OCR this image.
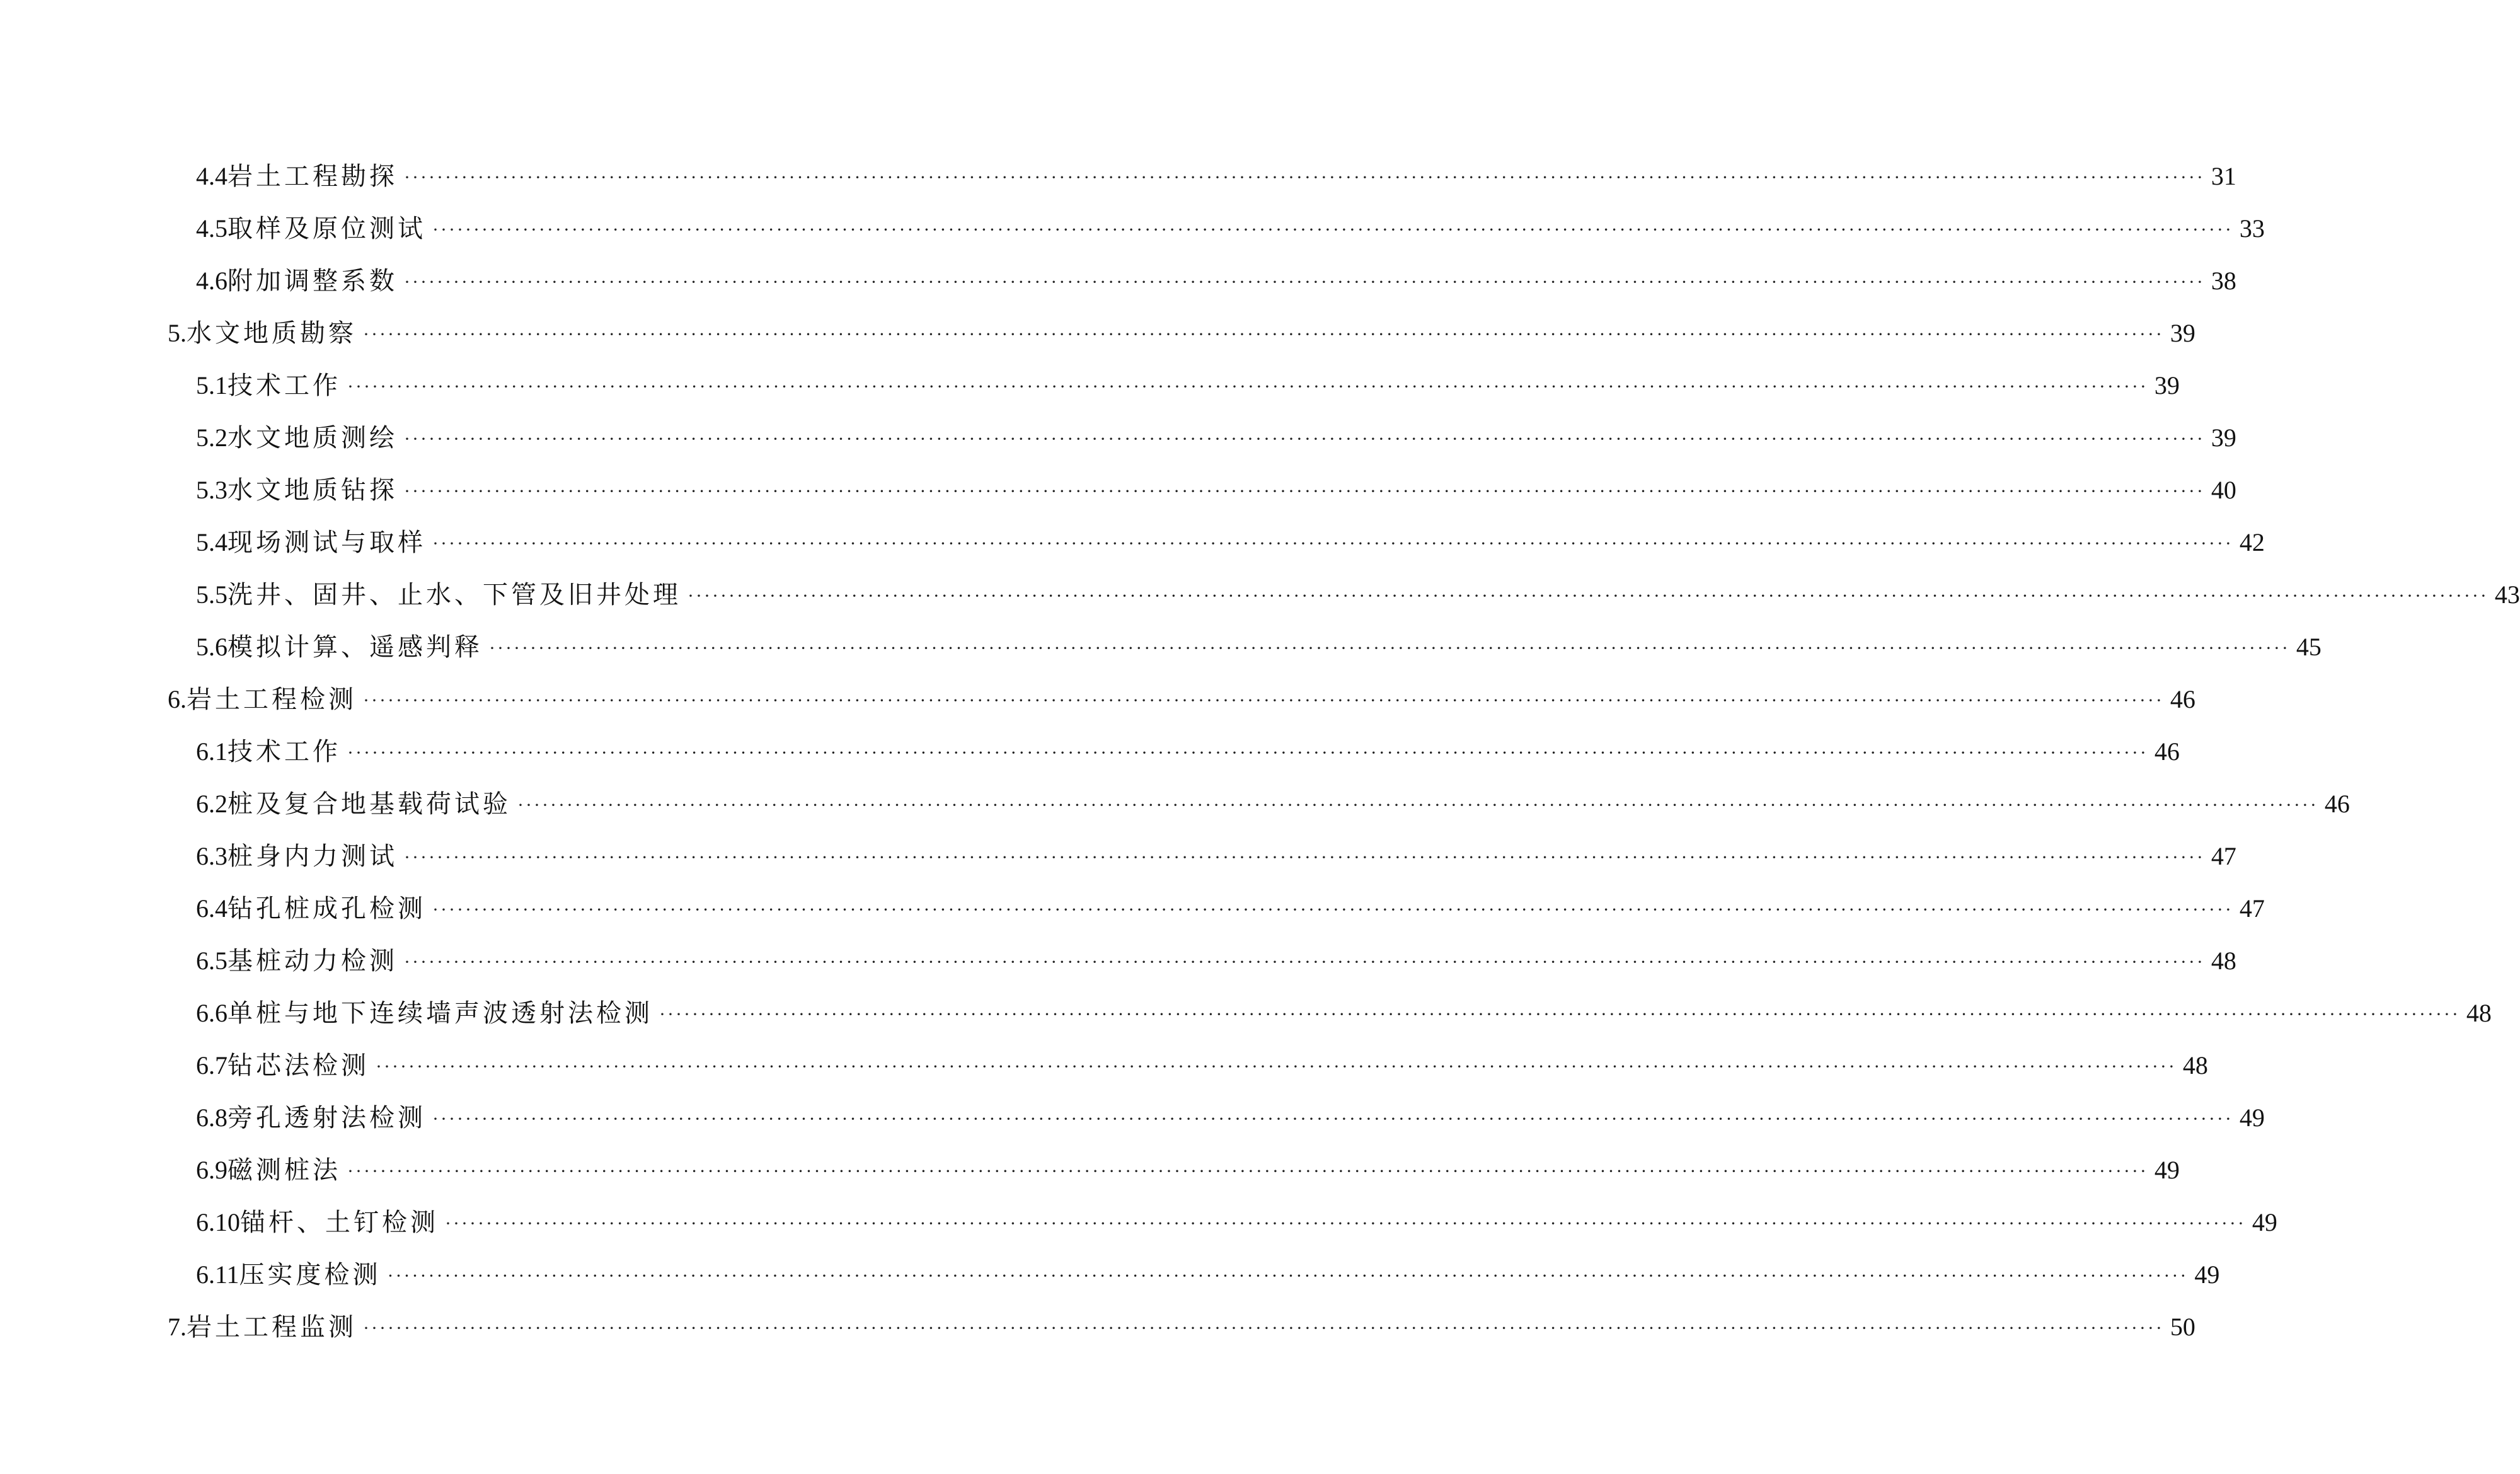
4.4 岩土工程勘探 ···························································································································································································································· 31
4.5 取样及原位测试 ···························································································································································································································· 33
4.6 附加调整系数 ···························································································································································································································· 38
5. 水文地质勘察 ···························································································································································································································· 39
5.1 技术工作 ···························································································································································································································· 39
5.2 水文地质测绘 ···························································································································································································································· 39
5.3 水文地质钻探 ···························································································································································································································· 40
5.4 现场测试与取样 ···························································································································································································································· 42
5.5 洗井、固井、止水、下管及旧井处理 ···························································································································································································································· 43
5.6 模拟计算、遥感判释 ···························································································································································································································· 45
6. 岩土工程检测 ···························································································································································································································· 46
6.1 技术工作 ···························································································································································································································· 46
6.2 桩及复合地基载荷试验 ···························································································································································································································· 46
6.3 桩身内力测试 ···························································································································································································································· 47
6.4 钻孔桩成孔检测 ···························································································································································································································· 47
6.5 基桩动力检测 ···························································································································································································································· 48
6.6 单桩与地下连续墙声波透射法检测 ···························································································································································································································· 48
6.7 钻芯法检测 ···························································································································································································································· 48
6.8 旁孔透射法检测 ···························································································································································································································· 49
6.9 磁测桩法 ···························································································································································································································· 49
6.10 锚杆、土钉检测 ···························································································································································································································· 49
6.11 压实度检测 ···························································································································································································································· 49
7. 岩土工程监测 ···························································································································································································································· 50
